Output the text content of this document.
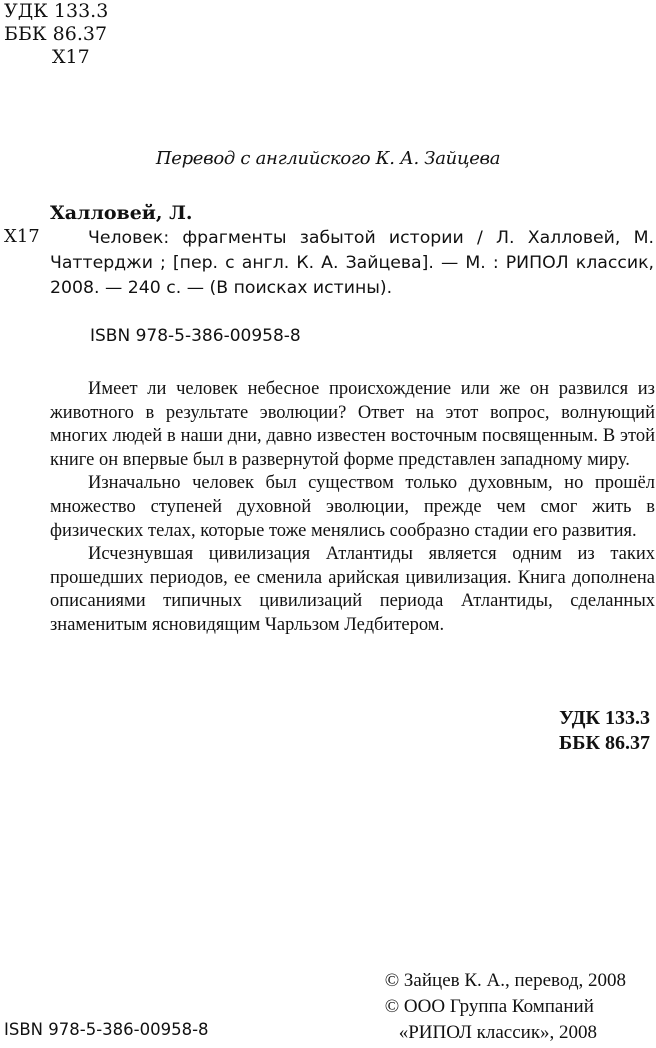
УДК 133.3
ББК 86.37
Х17
Перевод с английского К. А. Зайцева
Халловей, Л.
Х17	Человек: фрагменты забытой истории / Л. Халловей, М. Чаттерджи ; [пер. с англ. К. А. Зайцева]. — М. : РИПОЛ классик, 2008. — 240 с. — (В поисках истины).
ISBN 978-5-386-00958-8

Имеет ли человек небесное происхождение или же он развился из животного в результате эволюции? Ответ на этот вопрос, волнующий многих людей в наши дни, давно известен восточным посвященным. В этой книге он впервые был в развернутой форме представлен западному миру.

Изначально человек был существом только духовным, но прошёл множество ступеней духовной эволюции, прежде чем смог жить в физических телах, которые тоже менялись сообразно стадии его развития.

Исчезнувшая цивилизация Атлантиды является одним из таких прошедших периодов, ее сменила арийская цивилизация. Книга дополнена описаниями типичных цивилизаций периода Атлантиды, сделанных знаменитым ясновидящим Чарльзом Ледбитером.

УДК 133.3
ББК 86.37
© Зайцев К. А., перевод, 2008
© ООО Группа Компаний
«РИПОЛ классик», 2008
ISBN 978-5-386-00958-8
